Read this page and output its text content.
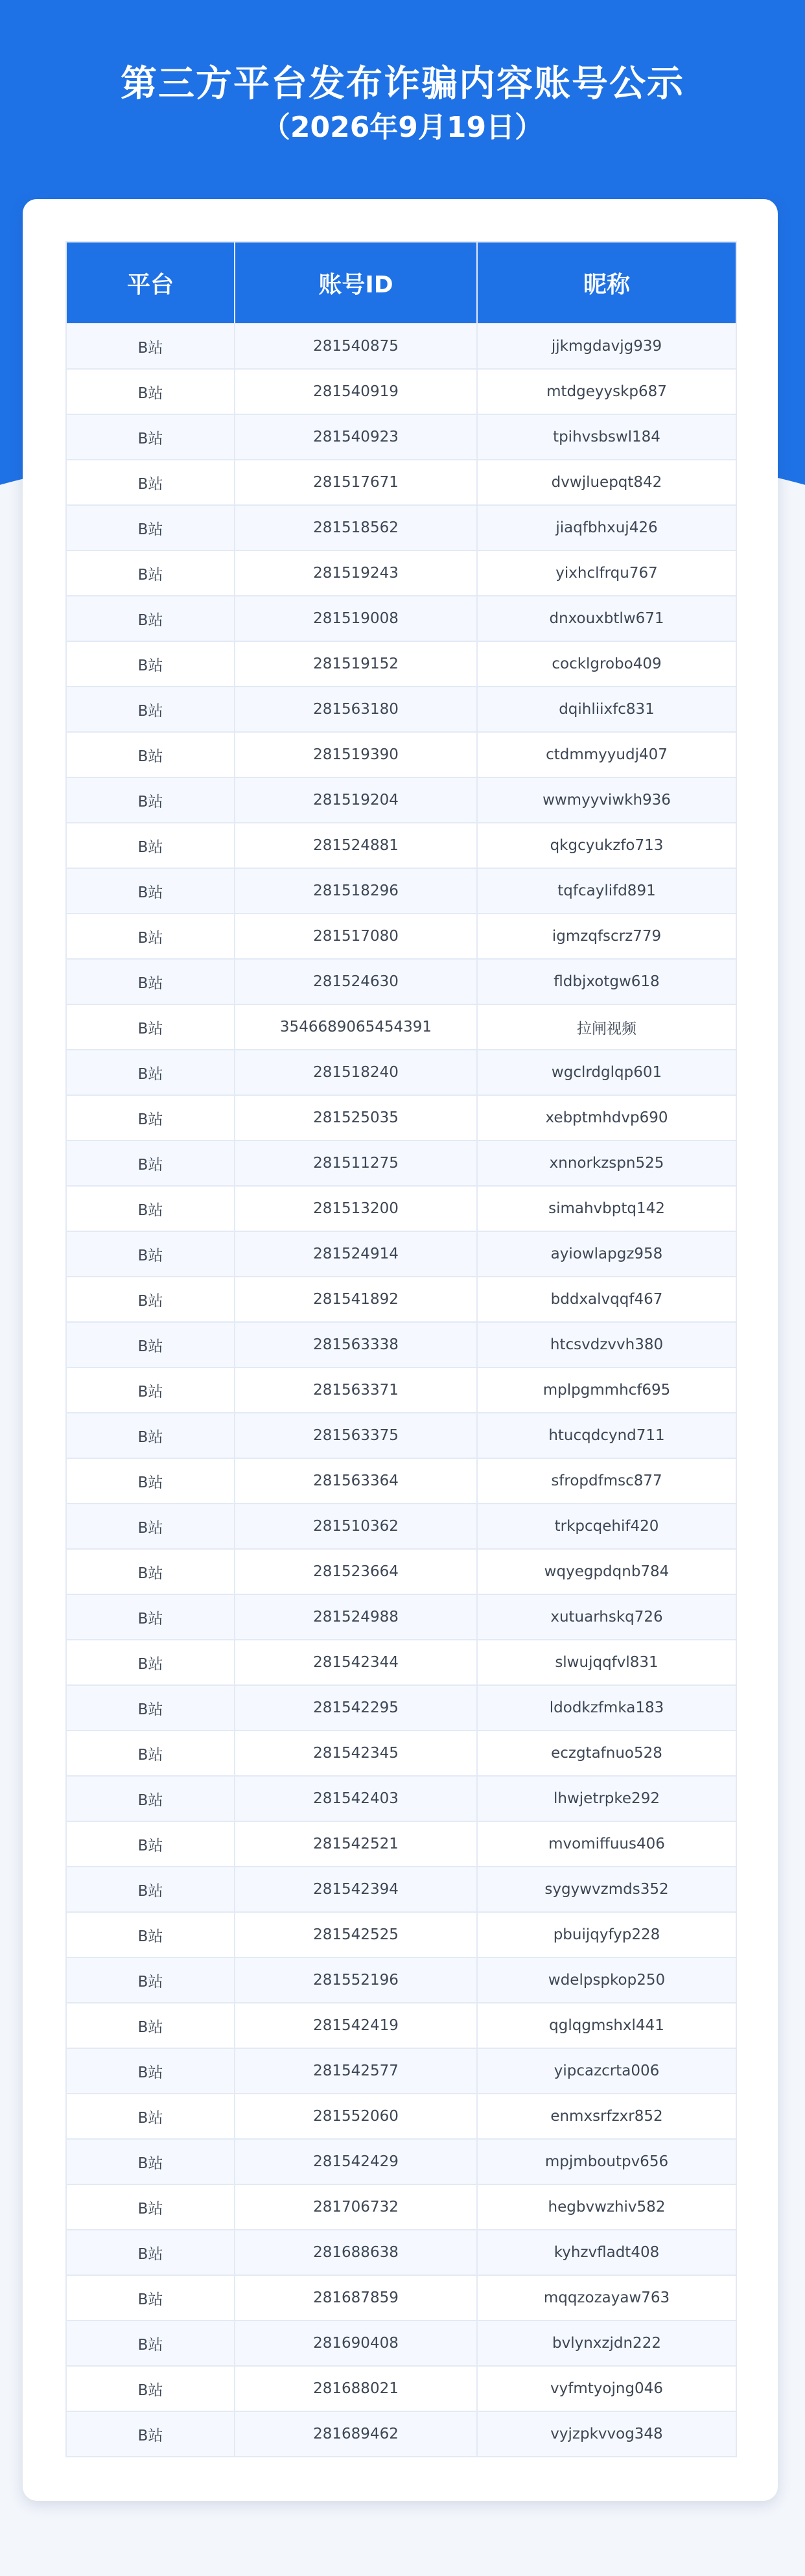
第三方平台发布诈骗内容账号公示
（2026年9月19日）
平台	账号ID	昵称
B站	281540875	jjkmgdavjg939
B站	281540919	mtdgeyyskp687
B站	281540923	tpihvsbswl184
B站	281517671	dvwjluepqt842
B站	281518562	jiaqfbhxuj426
B站	281519243	yixhclfrqu767
B站	281519008	dnxouxbtlw671
B站	281519152	cocklgrobo409
B站	281563180	dqihliixfc831
B站	281519390	ctdmmyyudj407
B站	281519204	wwmyyviwkh936
B站	281524881	qkgcyukzfo713
B站	281518296	tqfcaylifd891
B站	281517080	igmzqfscrz779
B站	281524630	fldbjxotgw618
B站	3546689065454391	拉闸视频
B站	281518240	wgclrdglqp601
B站	281525035	xebptmhdvp690
B站	281511275	xnnorkzspn525
B站	281513200	simahvbptq142
B站	281524914	ayiowlapgz958
B站	281541892	bddxalvqqf467
B站	281563338	htcsvdzvvh380
B站	281563371	mplpgmmhcf695
B站	281563375	htucqdcynd711
B站	281563364	sfropdfmsc877
B站	281510362	trkpcqehif420
B站	281523664	wqyegpdqnb784
B站	281524988	xutuarhskq726
B站	281542344	slwujqqfvl831
B站	281542295	ldodkzfmka183
B站	281542345	eczgtafnuo528
B站	281542403	lhwjetrpke292
B站	281542521	mvomiffuus406
B站	281542394	sygywvzmds352
B站	281542525	pbuijqyfyp228
B站	281552196	wdelpspkop250
B站	281542419	qglqgmshxl441
B站	281542577	yipcazcrta006
B站	281552060	enmxsrfzxr852
B站	281542429	mpjmboutpv656
B站	281706732	hegbvwzhiv582
B站	281688638	kyhzvfladt408
B站	281687859	mqqzozayaw763
B站	281690408	bvlynxzjdn222
B站	281688021	vyfmtyojng046
B站	281689462	vyjzpkvvog348
